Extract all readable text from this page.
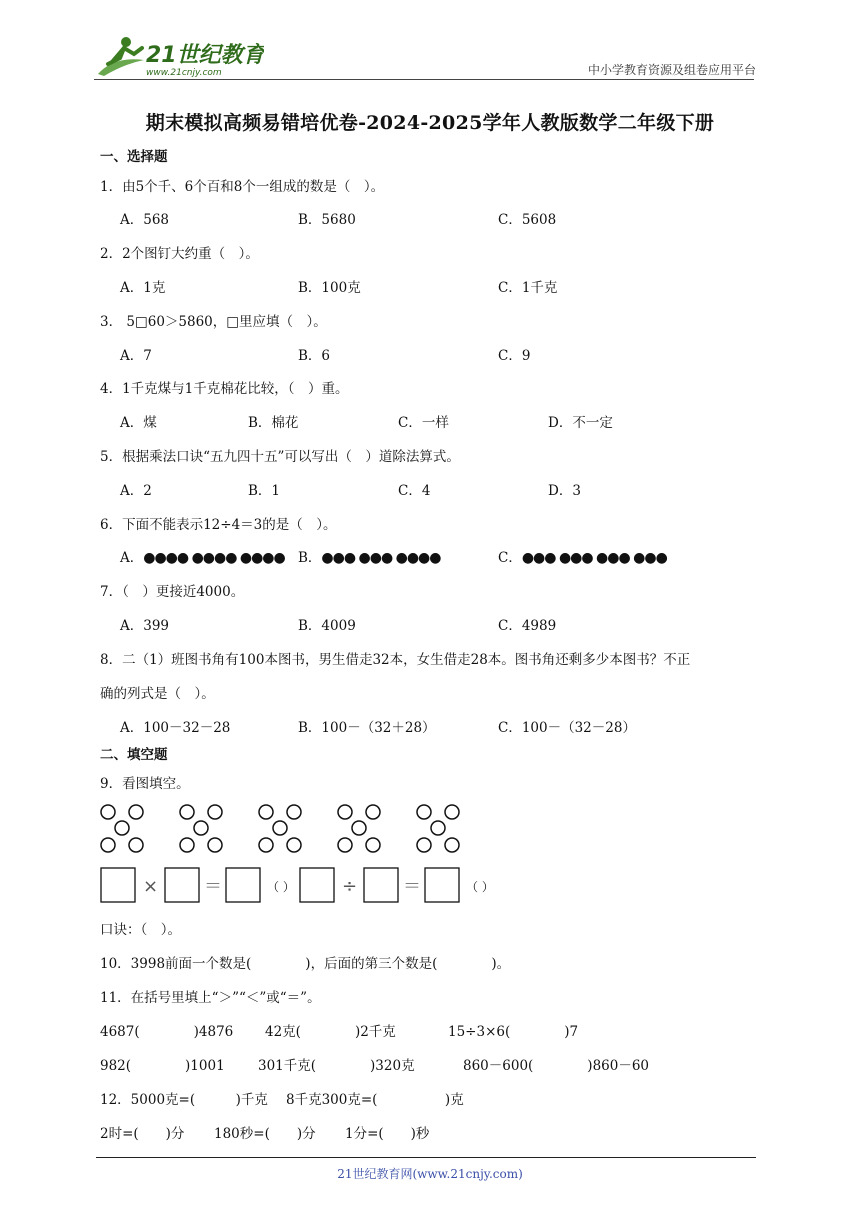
21世纪教育
www.21cnjy.com	中小学教育资源及组卷应用平台
期末模拟高频易错培优卷-2024-2025学年人教版数学二年级下册
一、选择题
1．由5个千、6个百和8个一组成的数是（　）。
A．568	B．5680	C．5608
2．2个图钉大约重（　）。
A．1克	B．100克	C．1千克
3． 5□60＞5860，□里应填（　）。
A．7	B．6	C．9
4．1千克煤与1千克棉花比较，（　）重。
A．煤	B．棉花	C．一样	D．不一定
5．根据乘法口诀“五九四十五”可以写出（　）道除法算式。
A．2	B．1	C．4	D．3
6．下面不能表示12÷4＝3的是（　）。
A．●●●● ●●●● ●●●● B．●●● ●●● ●●●●	C．●●● ●●● ●●● ●●●
7．（　）更接近4000。
A．399	B．4009	C．4989
8．二（1）班图书角有100本图书，男生借走32本，女生借走28本。图书角还剩多少本图书？不正
确的列式是（　）。
A．100－32－28	B．100－（32＋28）	C．100－（32－28）
二、填空题
9．看图填空。
×	＝	（ ）	÷	＝	（ ）
口诀：（　）。
10．3998前面一个数是(　　　　)，后面的第三个数是(　　　　)。
11．在括号里填上“＞”“＜”或“＝”。
4687(　　　　)4876 42克(　　　　)2千克	15÷3×6(　　　　)7
982(　　　　)1001 301千克(　　　　)320克	860－600(　　　　)860－60
12．5000克=(　　　)千克 8千克300克=(　　　　　)克
2时=(　　)分 180秒=(　　)分 1分=(　　)秒
21世纪教育网(www.21cnjy.com)
